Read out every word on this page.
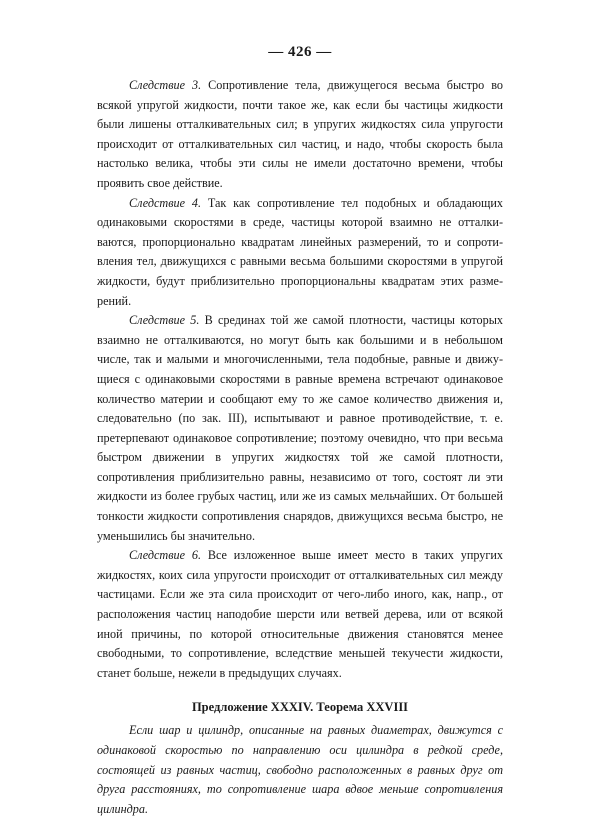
— 426 —

Следствие 3. Сопротивление тела, движущегося весьма быстро во всякой упругой жидкости, почти такое же, как если бы частицы жидкости были лишены отталкивательных сил; в упругих жидкостях сила упругости происходит от отталкивательных сил частиц, и надо, чтобы скорость была настолько велика, чтобы эти силы не имели достаточно времени, чтобы проявить свое действие.

Следствие 4. Так как сопротивление тел подобных и обладающих одинаковыми скоростями в среде, частицы которой взаимно не отталкиваются, пропорционально квадратам линейных размерений, то и сопротивления тел, движущихся с равными весьма большими скоростями в упругой жидкости, будут приблизительно пропорциональны квадратам этих размерений.

Следствие 5. В срединах той же самой плотности, частицы которых взаимно не отталкиваются, но могут быть как большими и в небольшом числе, так и малыми и многочисленными, тела подобные, равные и движущиеся с одинаковыми скоростями в равные времена встречают одинаковое количество материи и сообщают ему то же самое количество движения и, следовательно (по зак. III), испытывают и равное противодействие, т. е. претерпевают одинаковое сопротивление; поэтому очевидно, что при весьма быстром движении в упругих жидкостях той же самой плотности, сопротивления приблизительно равны, независимо от того, состоят ли эти жидкости из более грубых частиц, или же из самых мельчайших. От большей тонкости жидкости сопротивления снарядов, движущихся весьма быстро, не уменьшились бы значительно.

Следствие 6. Все изложенное выше имеет место в таких упругих жидкостях, коих сила упругости происходит от отталкивательных сил между частицами. Если же эта сила происходит от чего-либо иного, как, напр., от расположения частиц наподобие шерсти или ветвей дерева, или от всякой иной причины, по которой относительные движения становятся менее свободными, то сопротивление, вследствие меньшей текучести жидкости, станет больше, нежели в предыдущих случаях.

Предложение XXXIV. Теорема XXVIII

Если шар и цилиндр, описанные на равных диаметрах, движутся с одинаковой скоростью по направлению оси цилиндра в редкой среде, состоящей из равных частиц, свободно расположенных в равных друг от друга расстояниях, то сопротивление шара вдвое меньше сопротивления цилиндра.
